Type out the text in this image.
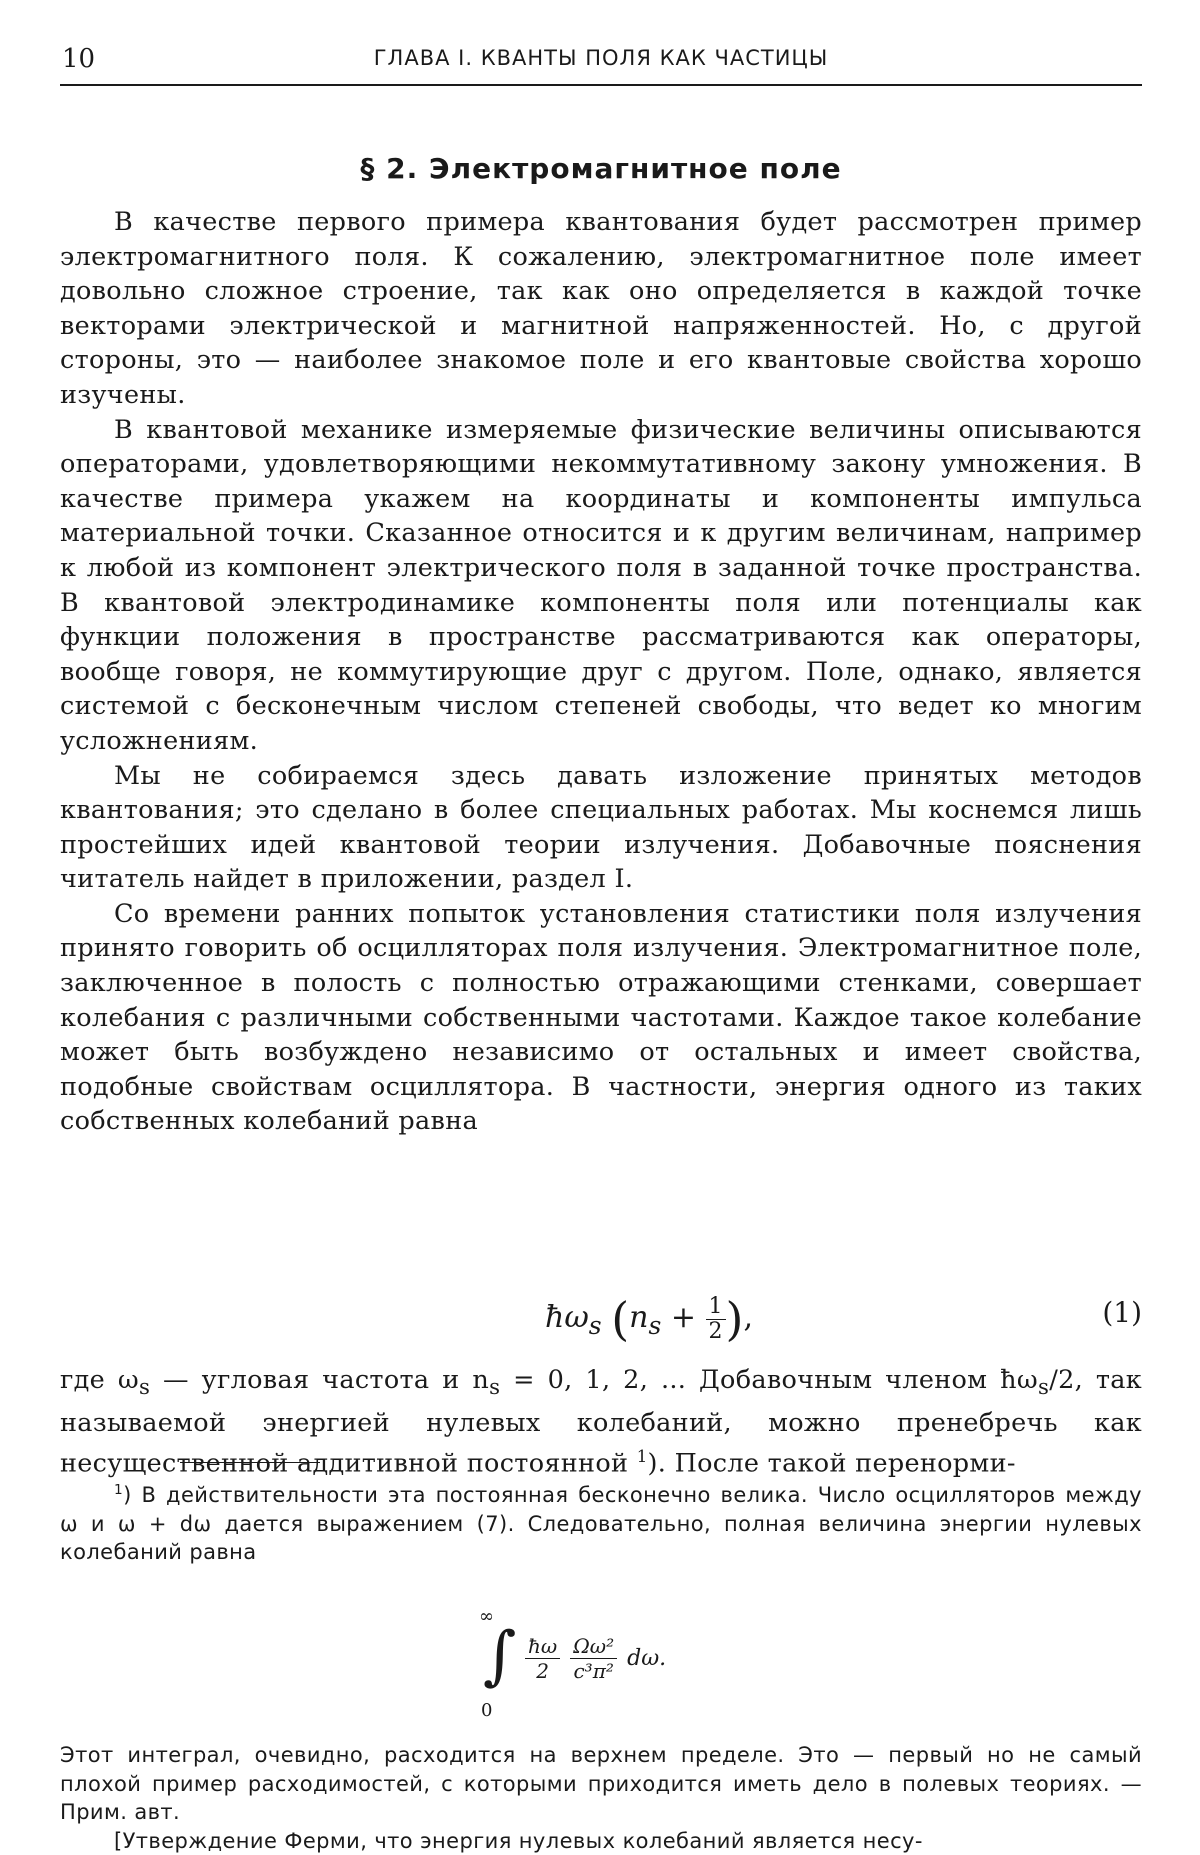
10	ГЛАВА I. КВАНТЫ ПОЛЯ КАК ЧАСТИЦЫ
§ 2. Электромагнитное поле

В качестве первого примера квантования будет рассмотрен пример электромагнитного поля. К сожалению, электромагнитное поле имеет довольно сложное строение, так как оно определяется в каждой точке векторами электрической и магнитной напряженностей. Но, с другой стороны, это — наиболее знакомое поле и его квантовые свойства хорошо изучены.

В квантовой механике измеряемые физические величины описываются операторами, удовлетворяющими некоммутативному закону умножения. В качестве примера укажем на координаты и компоненты импульса материальной точки. Сказанное относится и к другим величинам, например к любой из компонент электрического поля в заданной точке пространства. В квантовой электродинамике компоненты поля или потенциалы как функции положения в пространстве рассматриваются как операторы, вообще говоря, не коммутирующие друг с другом. Поле, однако, является системой с бесконечным числом степеней свободы, что ведет ко многим усложнениям.

Мы не собираемся здесь давать изложение принятых методов квантования; это сделано в более специальных работах. Мы коснемся лишь простейших идей квантовой теории излучения. Добавочные пояснения читатель найдет в приложении, раздел I.

Со времени ранних попыток установления статистики поля излучения принято говорить об осцилляторах поля излучения. Электромагнитное поле, заключенное в полость с полностью отражающими стенками, совершает колебания с различными собственными частотами. Каждое такое колебание может быть возбуждено независимо от остальных и имеет свойства, подобные свойствам осциллятора. В частности, энергия одного из таких собственных колебаний равна

$ħ\omega_s$ ($n_s + \frac{1}{2}$ ),	(1)

где $\omega_s$ — угловая частота и $n_s = 0$, 1, 2, ... Добавочным членом $ħ\omega_s/2$, так называемой энергией нулевых колебаний, можно пренебречь как несущественной аддитивной постоянной $^1$). После такой перенорми-

$^1$) В действительности эта постоянная бесконечно велика. Число осцилляторов между ω и ω + dω дается выражением (7). Следовательно, полная величина энергии нулевых колебаний равна

∞
∫
0
$\frac{ħ\omega}{2} \frac{\text{Ωω²}}{\text{c³π²}} d\omega$.

Этот интеграл, очевидно, расходится на верхнем пределе. Это — первый но не самый плохой пример расходимостей, с которыми приходится иметь дело в полевых теориях. — Прим. авт.

[Утверждение Ферми, что энергия нулевых колебаний является несу-
